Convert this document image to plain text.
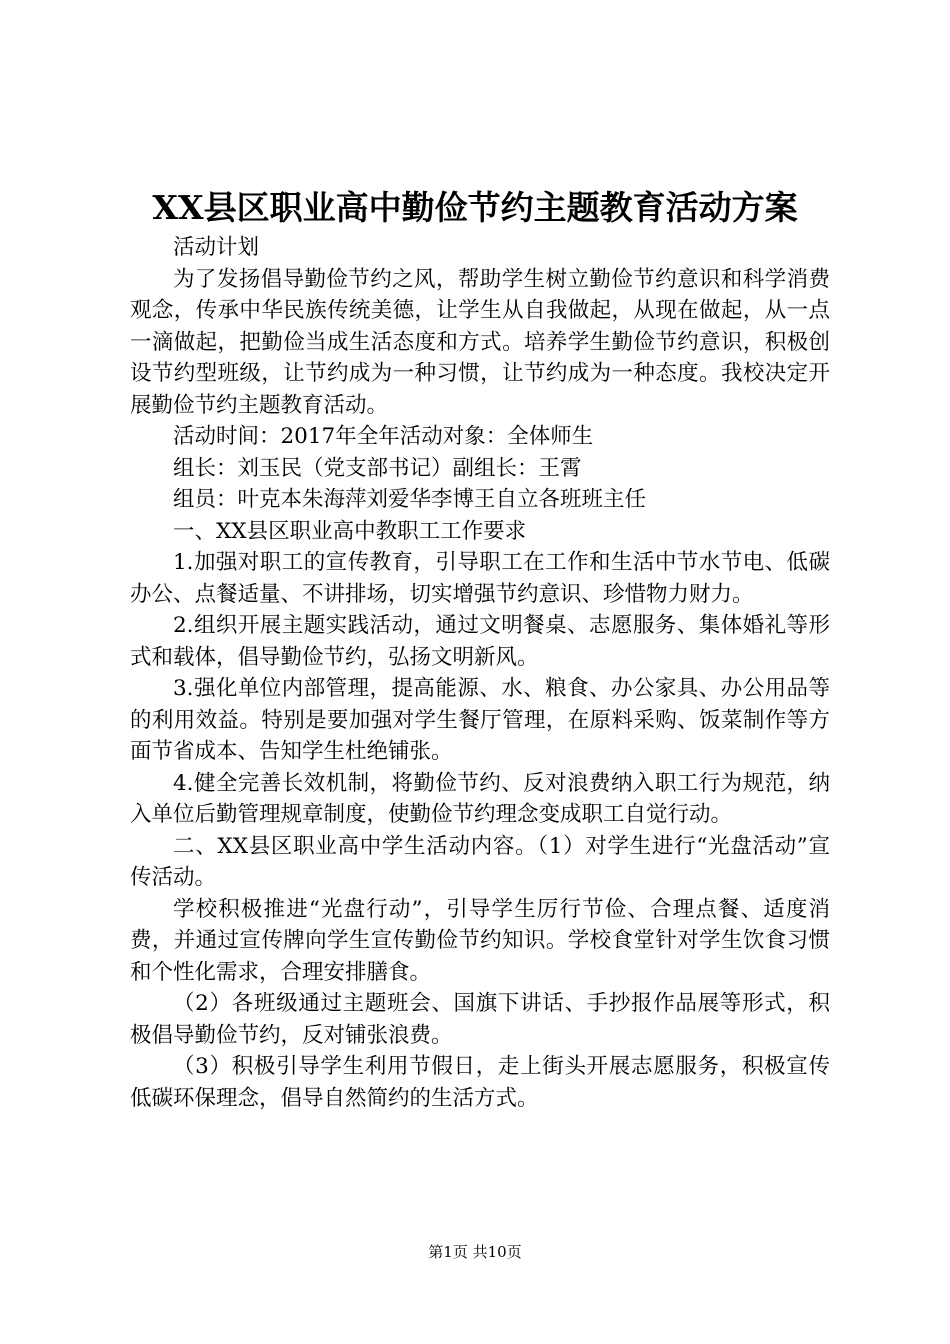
XX县区职业高中勤俭节约主题教育活动方案

活动计划

为了发扬倡导勤俭节约之风，帮助学生树立勤俭节约意识和科学消费观念，传承中华民族传统美德，让学生从自我做起，从现在做起，从一点一滴做起，把勤俭当成生活态度和方式。培养学生勤俭节约意识，积极创设节约型班级，让节约成为一种习惯，让节约成为一种态度。我校决定开展勤俭节约主题教育活动。

活动时间：2017年全年活动对象：全体师生

组长：刘玉民（党支部书记）副组长：王霄

组员：叶克本朱海萍刘爱华李博王自立各班班主任

一、XX县区职业高中教职工工作要求

1.加强对职工的宣传教育，引导职工在工作和生活中节水节电、低碳办公、点餐适量、不讲排场，切实增强节约意识、珍惜物力财力。

2.组织开展主题实践活动，通过文明餐桌、志愿服务、集体婚礼等形式和载体，倡导勤俭节约，弘扬文明新风。

3.强化单位内部管理，提高能源、水、粮食、办公家具、办公用品等的利用效益。特别是要加强对学生餐厅管理，在原料采购、饭菜制作等方面节省成本、告知学生杜绝铺张。

4.健全完善长效机制，将勤俭节约、反对浪费纳入职工行为规范，纳入单位后勤管理规章制度，使勤俭节约理念变成职工自觉行动。

二、XX县区职业高中学生活动内容。（1）对学生进行“光盘活动”宣传活动。

学校积极推进“光盘行动”，引导学生厉行节俭、合理点餐、适度消费，并通过宣传牌向学生宣传勤俭节约知识。学校食堂针对学生饮食习惯和个性化需求，合理安排膳食。

（2）各班级通过主题班会、国旗下讲话、手抄报作品展等形式，积极倡导勤俭节约，反对铺张浪费。

（3）积极引导学生利用节假日，走上街头开展志愿服务，积极宣传低碳环保理念，倡导自然简约的生活方式。

第1页 共10页
